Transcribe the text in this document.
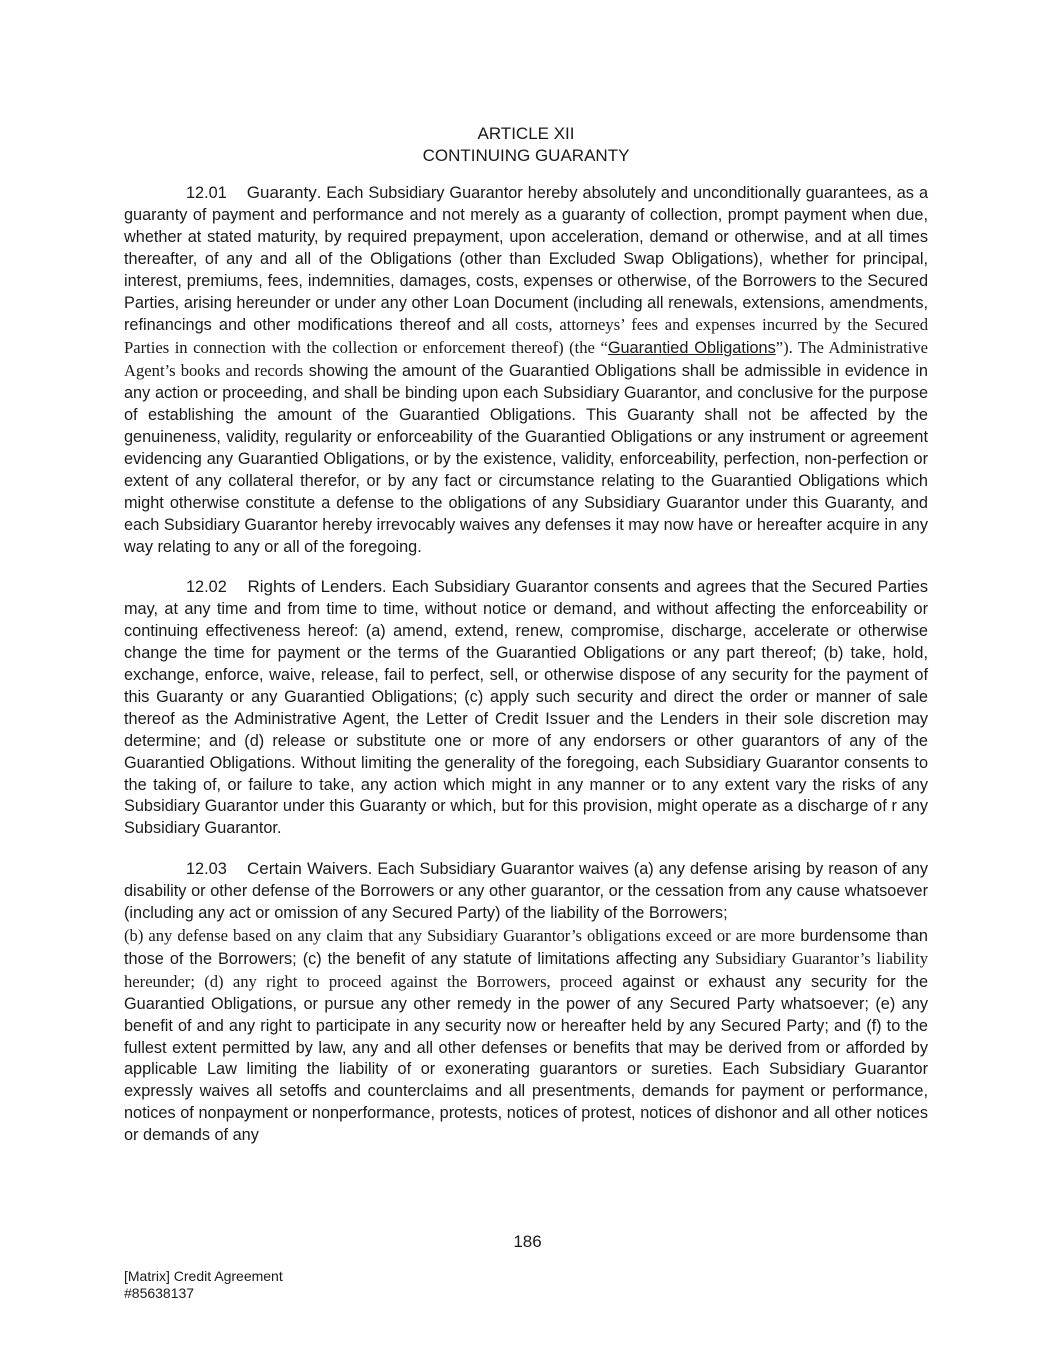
ARTICLE XII

CONTINUING GUARANTY

12.01 Guaranty. Each Subsidiary Guarantor hereby absolutely and unconditionally guarantees, as a guaranty of payment and performance and not merely as a guaranty of collection, prompt payment when due, whether at stated maturity, by required prepayment, upon acceleration, demand or otherwise, and at all times thereafter, of any and all of the Obligations (other than Excluded Swap Obligations), whether for principal, interest, premiums, fees, indemnities, damages, costs, expenses or otherwise, of the Borrowers to the Secured Parties, arising hereunder or under any other Loan Document (including all renewals, extensions, amendments, refinancings and other modifications thereof and all costs, attorneys’ fees and expenses incurred by the Secured Parties in connection with the collection or enforcement thereof) (the “Guarantied Obligations”). The Administrative Agent’s books and records showing the amount of the Guarantied Obligations shall be admissible in evidence in any action or proceeding, and shall be binding upon each Subsidiary Guarantor, and conclusive for the purpose of establishing the amount of the Guarantied Obligations. This Guaranty shall not be affected by the genuineness, validity, regularity or enforceability of the Guarantied Obligations or any instrument or agreement evidencing any Guarantied Obligations, or by the existence, validity, enforceability, perfection, non-perfection or extent of any collateral therefor, or by any fact or circumstance relating to the Guarantied Obligations which might otherwise constitute a defense to the obligations of any Subsidiary Guarantor under this Guaranty, and each Subsidiary Guarantor hereby irrevocably waives any defenses it may now have or hereafter acquire in any way relating to any or all of the foregoing.

12.02 Rights of Lenders. Each Subsidiary Guarantor consents and agrees that the Secured Parties may, at any time and from time to time, without notice or demand, and without affecting the enforceability or continuing effectiveness hereof: (a) amend, extend, renew, compromise, discharge, accelerate or otherwise change the time for payment or the terms of the Guarantied Obligations or any part thereof; (b) take, hold, exchange, enforce, waive, release, fail to perfect, sell, or otherwise dispose of any security for the payment of this Guaranty or any Guarantied Obligations; (c) apply such security and direct the order or manner of sale thereof as the Administrative Agent, the Letter of Credit Issuer and the Lenders in their sole discretion may determine; and (d) release or substitute one or more of any endorsers or other guarantors of any of the Guarantied Obligations. Without limiting the generality of the foregoing, each Subsidiary Guarantor consents to the taking of, or failure to take, any action which might in any manner or to any extent vary the risks of any Subsidiary Guarantor under this Guaranty or which, but for this provision, might operate as a discharge of r any Subsidiary Guarantor.

12.03 Certain Waivers. Each Subsidiary Guarantor waives (a) any defense arising by reason of any disability or other defense of the Borrowers or any other guarantor, or the cessation from any cause whatsoever (including any act or omission of any Secured Party) of the liability of the Borrowers;
(b) any defense based on any claim that any Subsidiary Guarantor’s obligations exceed or are more burdensome than those of the Borrowers; (c) the benefit of any statute of limitations affecting any Subsidiary Guarantor’s liability hereunder; (d) any right to proceed against the Borrowers, proceed against or exhaust any security for the Guarantied Obligations, or pursue any other remedy in the power of any Secured Party whatsoever; (e) any benefit of and any right to participate in any security now or hereafter held by any Secured Party; and (f) to the fullest extent permitted by law, any and all other defenses or benefits that may be derived from or afforded by applicable Law limiting the liability of or exonerating guarantors or sureties. Each Subsidiary Guarantor expressly waives all setoffs and counterclaims and all presentments, demands for payment or performance, notices of nonpayment or nonperformance, protests, notices of protest, notices of dishonor and all other notices or demands of any

186

[Matrix] Credit Agreement
#85638137
